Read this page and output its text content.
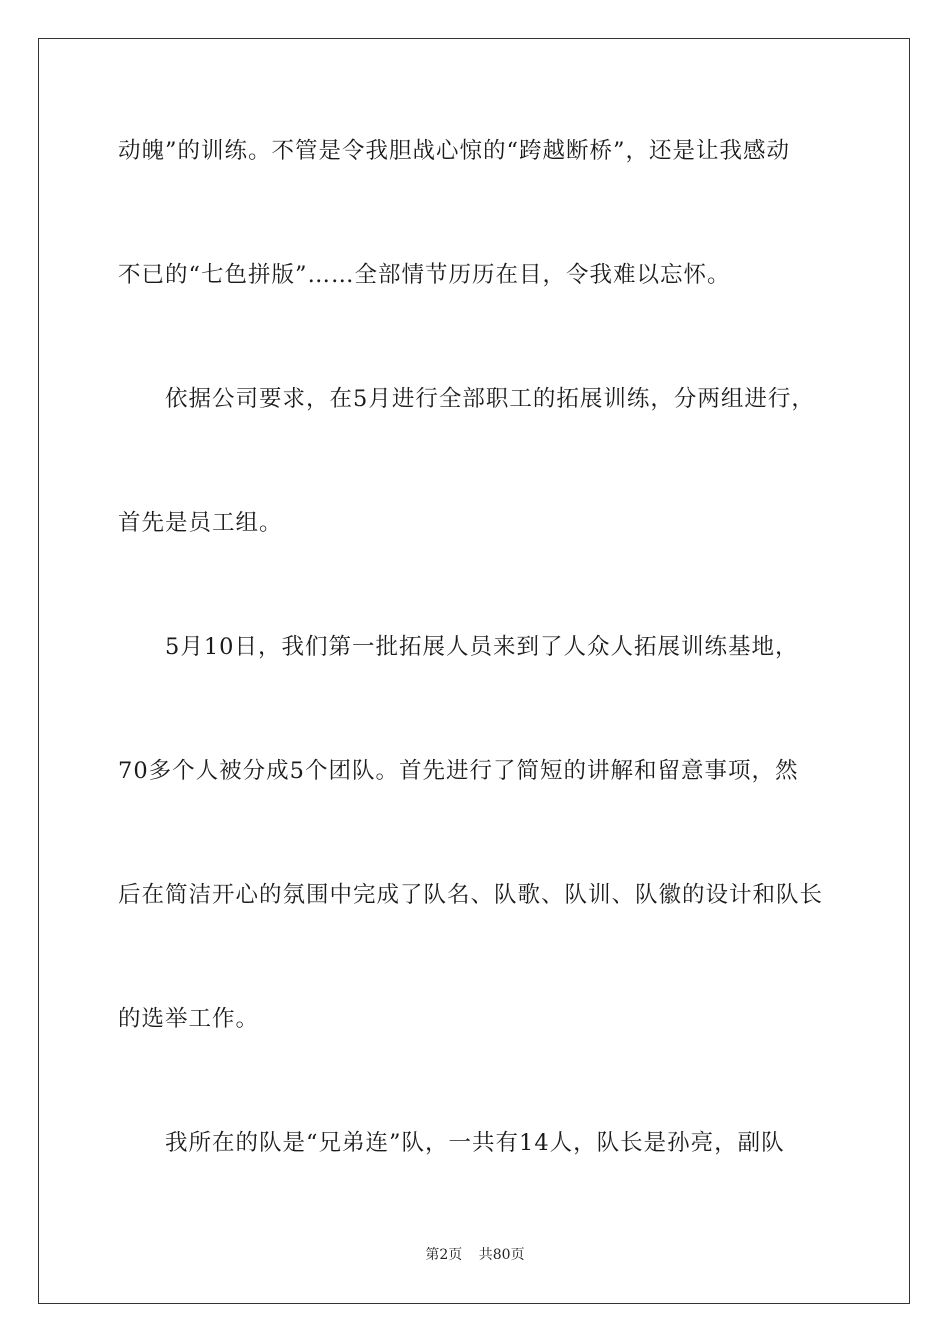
动魄”的训练。不管是令我胆战心惊的“跨越断桥”，还是让我感动
不已的“七色拼版”……全部情节历历在目，令我难以忘怀。
依据公司要求，在5月进行全部职工的拓展训练，分两组进行，
首先是员工组。
5月10日，我们第一批拓展人员来到了人众人拓展训练基地，
70多个人被分成5个团队。首先进行了简短的讲解和留意事项，然
后在简洁开心的氛围中完成了队名、队歌、队训、队徽的设计和队长
的选举工作。
我所在的队是“兄弟连”队，一共有14人，队长是孙亮，副队
第2页 共80页
